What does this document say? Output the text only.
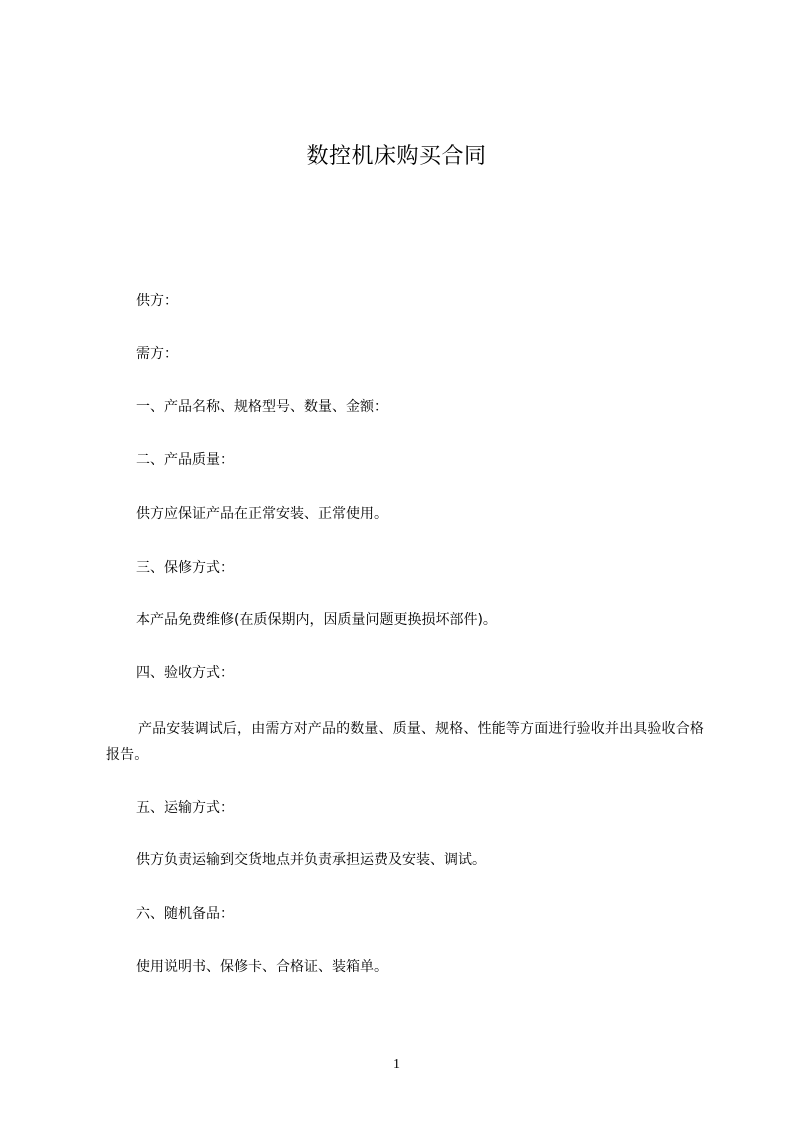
数控机床购买合同
供方：
需方：
一、产品名称、规格型号、数量、金额：
二、产品质量：
供方应保证产品在正常安装、正常使用。
三、保修方式：
本产品免费维修(在质保期内，因质量问题更换损坏部件)。
四、验收方式：
产品安装调试后，由需方对产品的数量、质量、规格、性能等方面进行验收并出具验收合格报告。
五、运输方式：
供方负责运输到交货地点并负责承担运费及安装、调试。
六、随机备品：
使用说明书、保修卡、合格证、装箱单。
1
